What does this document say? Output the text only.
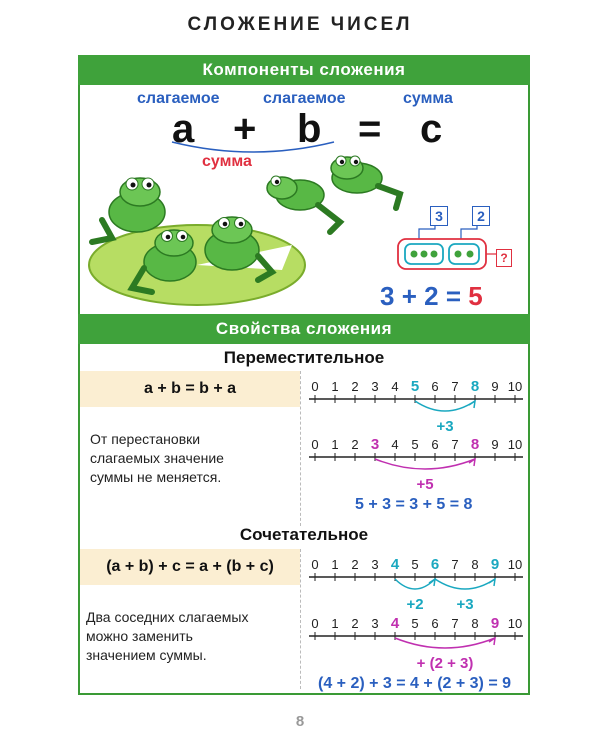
СЛОЖЕНИЕ ЧИСЕЛ
Компоненты сложения
слагаемое	слагаемое	сумма
a + b = c
сумма
3	2
?
3 + 2 = 5
Свойства сложения
Переместительное
a + b = b + a
От перестановки
слагаемых значение
суммы не меняется.
0 1 2 3 4 5 6 7 8 9 10
+3
0 1 2 3 4 5 6 7 8 9 10
+5
5 + 3 = 3 + 5 = 8
Сочетательное
(a + b) + c = a + (b + c)
Два соседних слагаемых
можно заменить
значением суммы.
0 1 2 3 4 5 6 7 8 9 10
+2 +3
0 1 2 3 4 5 6 7 8 9 10
+ (2 + 3)
(4 + 2) + 3 = 4 + (2 + 3) = 9
8
